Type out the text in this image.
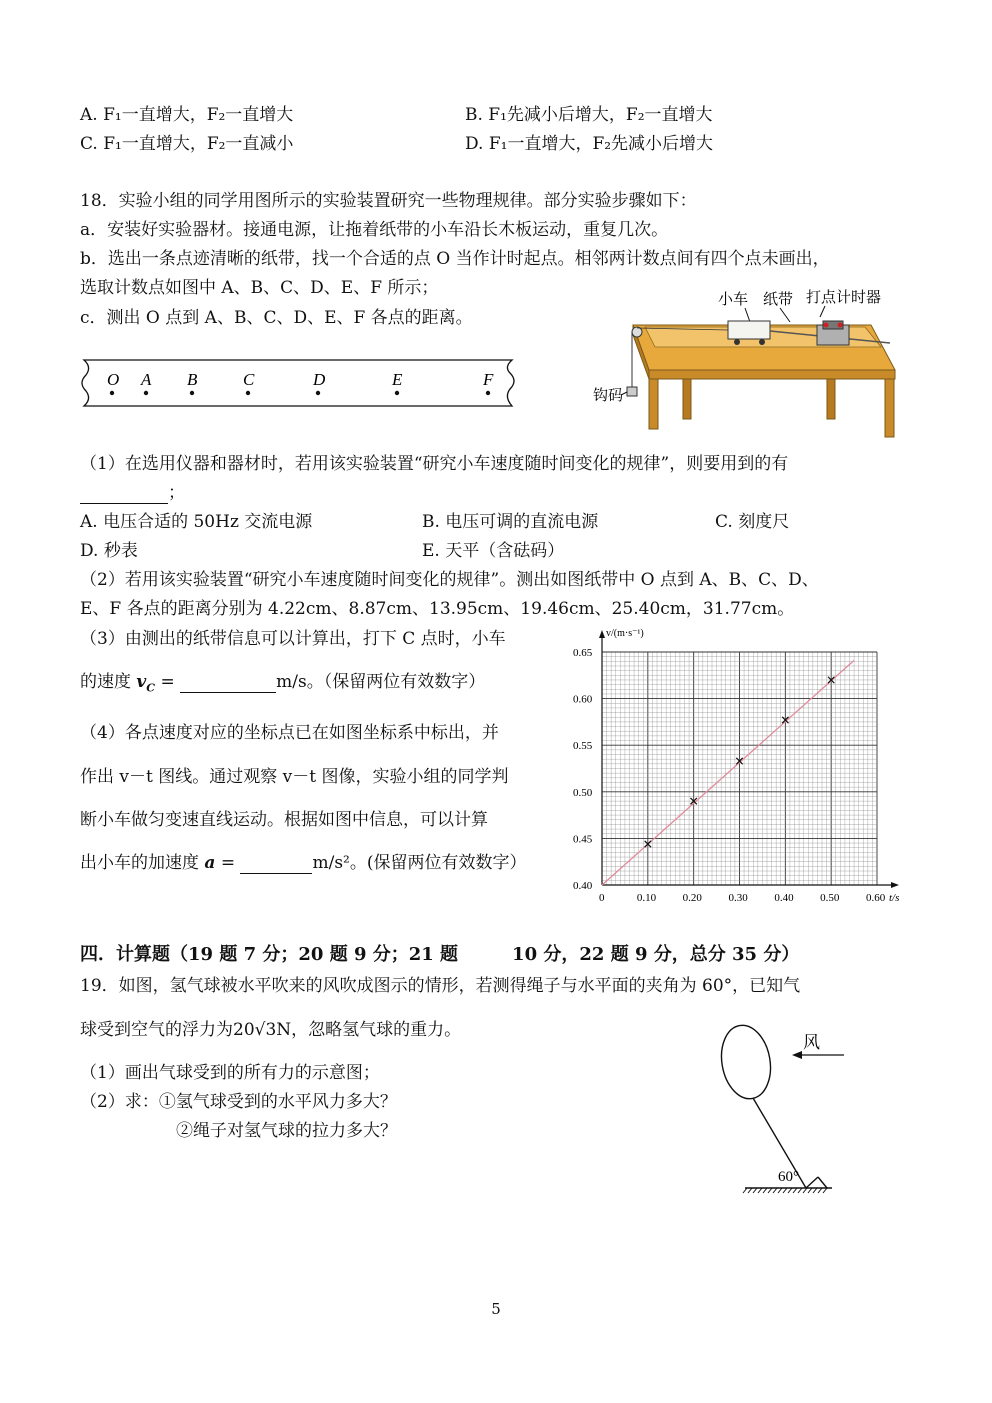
A. F₁一直增大，F₂一直增大	B. F₁先减小后增大，F₂一直增大
C. F₁一直增大，F₂一直减小	D. F₁一直增大，F₂先减小后增大
18．实验小组的同学用图所示的实验装置研究一些物理规律。部分实验步骤如下：
a．安装好实验器材。接通电源，让拖着纸带的小车沿长木板运动，重复几次。
b．选出一条点迹清晰的纸带，找一个合适的点 O 当作计时起点。相邻两计数点间有四个点未画出，
选取计数点如图中 A、B、C、D、E、F 所示；
c．测出 O 点到 A、B、C、D、E、F 各点的距离。
O A B	C	D	E	F
小车 纸带 打点计时器
钩码
（1）在选用仪器和器材时，若用该实验装置“研究小车速度随时间变化的规律”，则要用到的有
；
A. 电压合适的 50Hz 交流电源	B. 电压可调的直流电源	C. 刻度尺
D. 秒表	E. 天平（含砝码）
（2）若用该实验装置“研究小车速度随时间变化的规律”。测出如图纸带中 O 点到 A、B、C、D、
E、F 各点的距离分别为 4.22cm、8.87cm、13.95cm、19.46cm、25.40cm，31.77cm。
（3）由测出的纸带信息可以计算出，打下 C 点时，小车
的速度 $v_C$ =	m/s。（保留两位有效数字）
（4）各点速度对应的坐标点已在如图坐标系中标出，并
作出 v－t 图线。通过观察 v－t 图像，实验小组的同学判
断小车做匀变速直线运动。根据如图中信息，可以计算
出小车的加速度 a =	m/s²。(保留两位有效数字）
v/(m·s⁻¹)
t/s
0	0.10 0.20 0.30 0.40 0.50 0.60
0.40
0.45
0.50
0.55
0.60
0.65
四．计算题（19 题 7 分；20 题 9 分；21 题　　　10 分，22 题 9 分，总分 35 分）
19．如图，氢气球被水平吹来的风吹成图示的情形，若测得绳子与水平面的夹角为 60°，已知气
球受到空气的浮力为20√3N，忽略氢气球的重力。
（1）画出气球受到的所有力的示意图；
（2）求：①氢气球受到的水平风力多大？
②绳子对氢气球的拉力多大？
60°
风
5
